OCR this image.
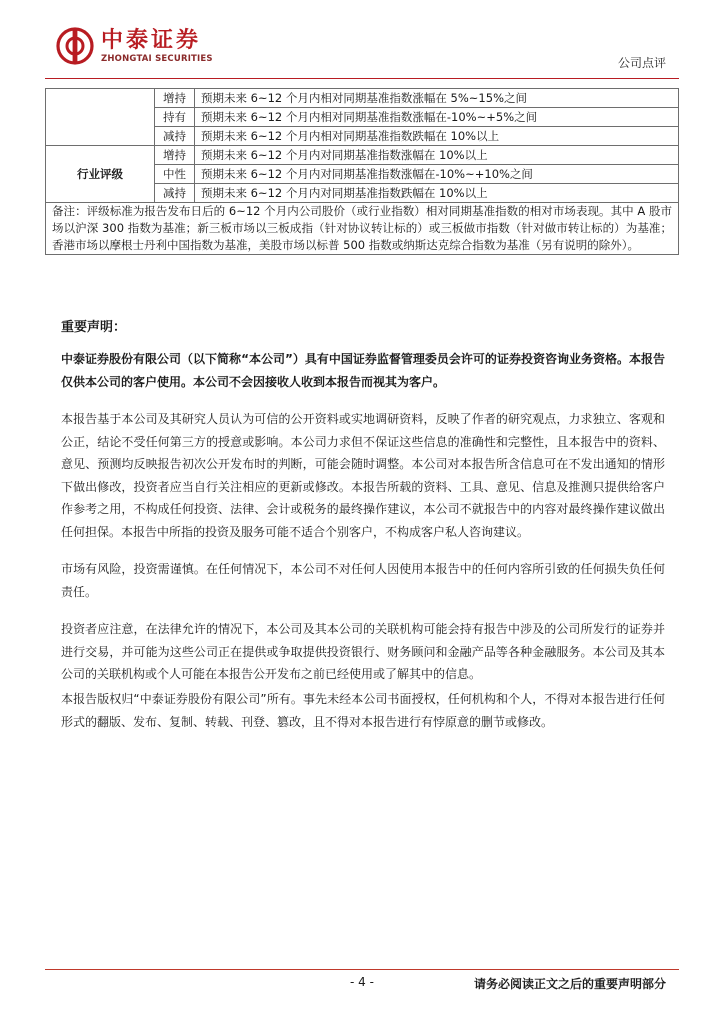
中泰证券
ZHONGTAI SECURITIES	公司点评
	增持	预期未来 6~12 个月内相对同期基准指数涨幅在 5%~15%之间
	持有	预期未来 6~12 个月内相对同期基准指数涨幅在-10%~+5%之间
	减持	预期未来 6~12 个月内相对同期基准指数跌幅在 10%以上
行业评级	增持	预期未来 6~12 个月内对同期基准指数涨幅在 10%以上
	中性	预期未来 6~12 个月内对同期基准指数涨幅在-10%~+10%之间
	减持	预期未来 6~12 个月内对同期基准指数跌幅在 10%以上
备注：评级标准为报告发布日后的 6~12 个月内公司股价（或行业指数）相对同期基准指数的相对市场表现。其中 A 股市场以沪深 300 指数为基准；新三板市场以三板成指（针对协议转让标的）或三板做市指数（针对做市转让标的）为基准；香港市场以摩根士丹利中国指数为基准，美股市场以标普 500 指数或纳斯达克综合指数为基准（另有说明的除外）。		
重要声明：
中泰证券股份有限公司（以下简称“本公司”）具有中国证券监督管理委员会许可的证券投资咨询业务资格。本报告仅供本公司的客户使用。本公司不会因接收人收到本报告而视其为客户。
本报告基于本公司及其研究人员认为可信的公开资料或实地调研资料，反映了作者的研究观点，力求独立、客观和公正，结论不受任何第三方的授意或影响。本公司力求但不保证这些信息的准确性和完整性，且本报告中的资料、意见、预测均反映报告初次公开发布时的判断，可能会随时调整。本公司对本报告所含信息可在不发出通知的情形下做出修改，投资者应当自行关注相应的更新或修改。本报告所载的资料、工具、意见、信息及推测只提供给客户作参考之用，不构成任何投资、法律、会计或税务的最终操作建议，本公司不就报告中的内容对最终操作建议做出任何担保。本报告中所指的投资及服务可能不适合个别客户，不构成客户私人咨询建议。
市场有风险，投资需谨慎。在任何情况下，本公司不对任何人因使用本报告中的任何内容所引致的任何损失负任何责任。
投资者应注意，在法律允许的情况下，本公司及其本公司的关联机构可能会持有报告中涉及的公司所发行的证券并进行交易，并可能为这些公司正在提供或争取提供投资银行、财务顾问和金融产品等各种金融服务。本公司及其本公司的关联机构或个人可能在本报告公开发布之前已经使用或了解其中的信息。
本报告版权归“中泰证券股份有限公司”所有。事先未经本公司书面授权，任何机构和个人，不得对本报告进行任何形式的翻版、发布、复制、转载、刊登、篡改，且不得对本报告进行有悖原意的删节或修改。
- 4 -	请务必阅读正文之后的重要声明部分
